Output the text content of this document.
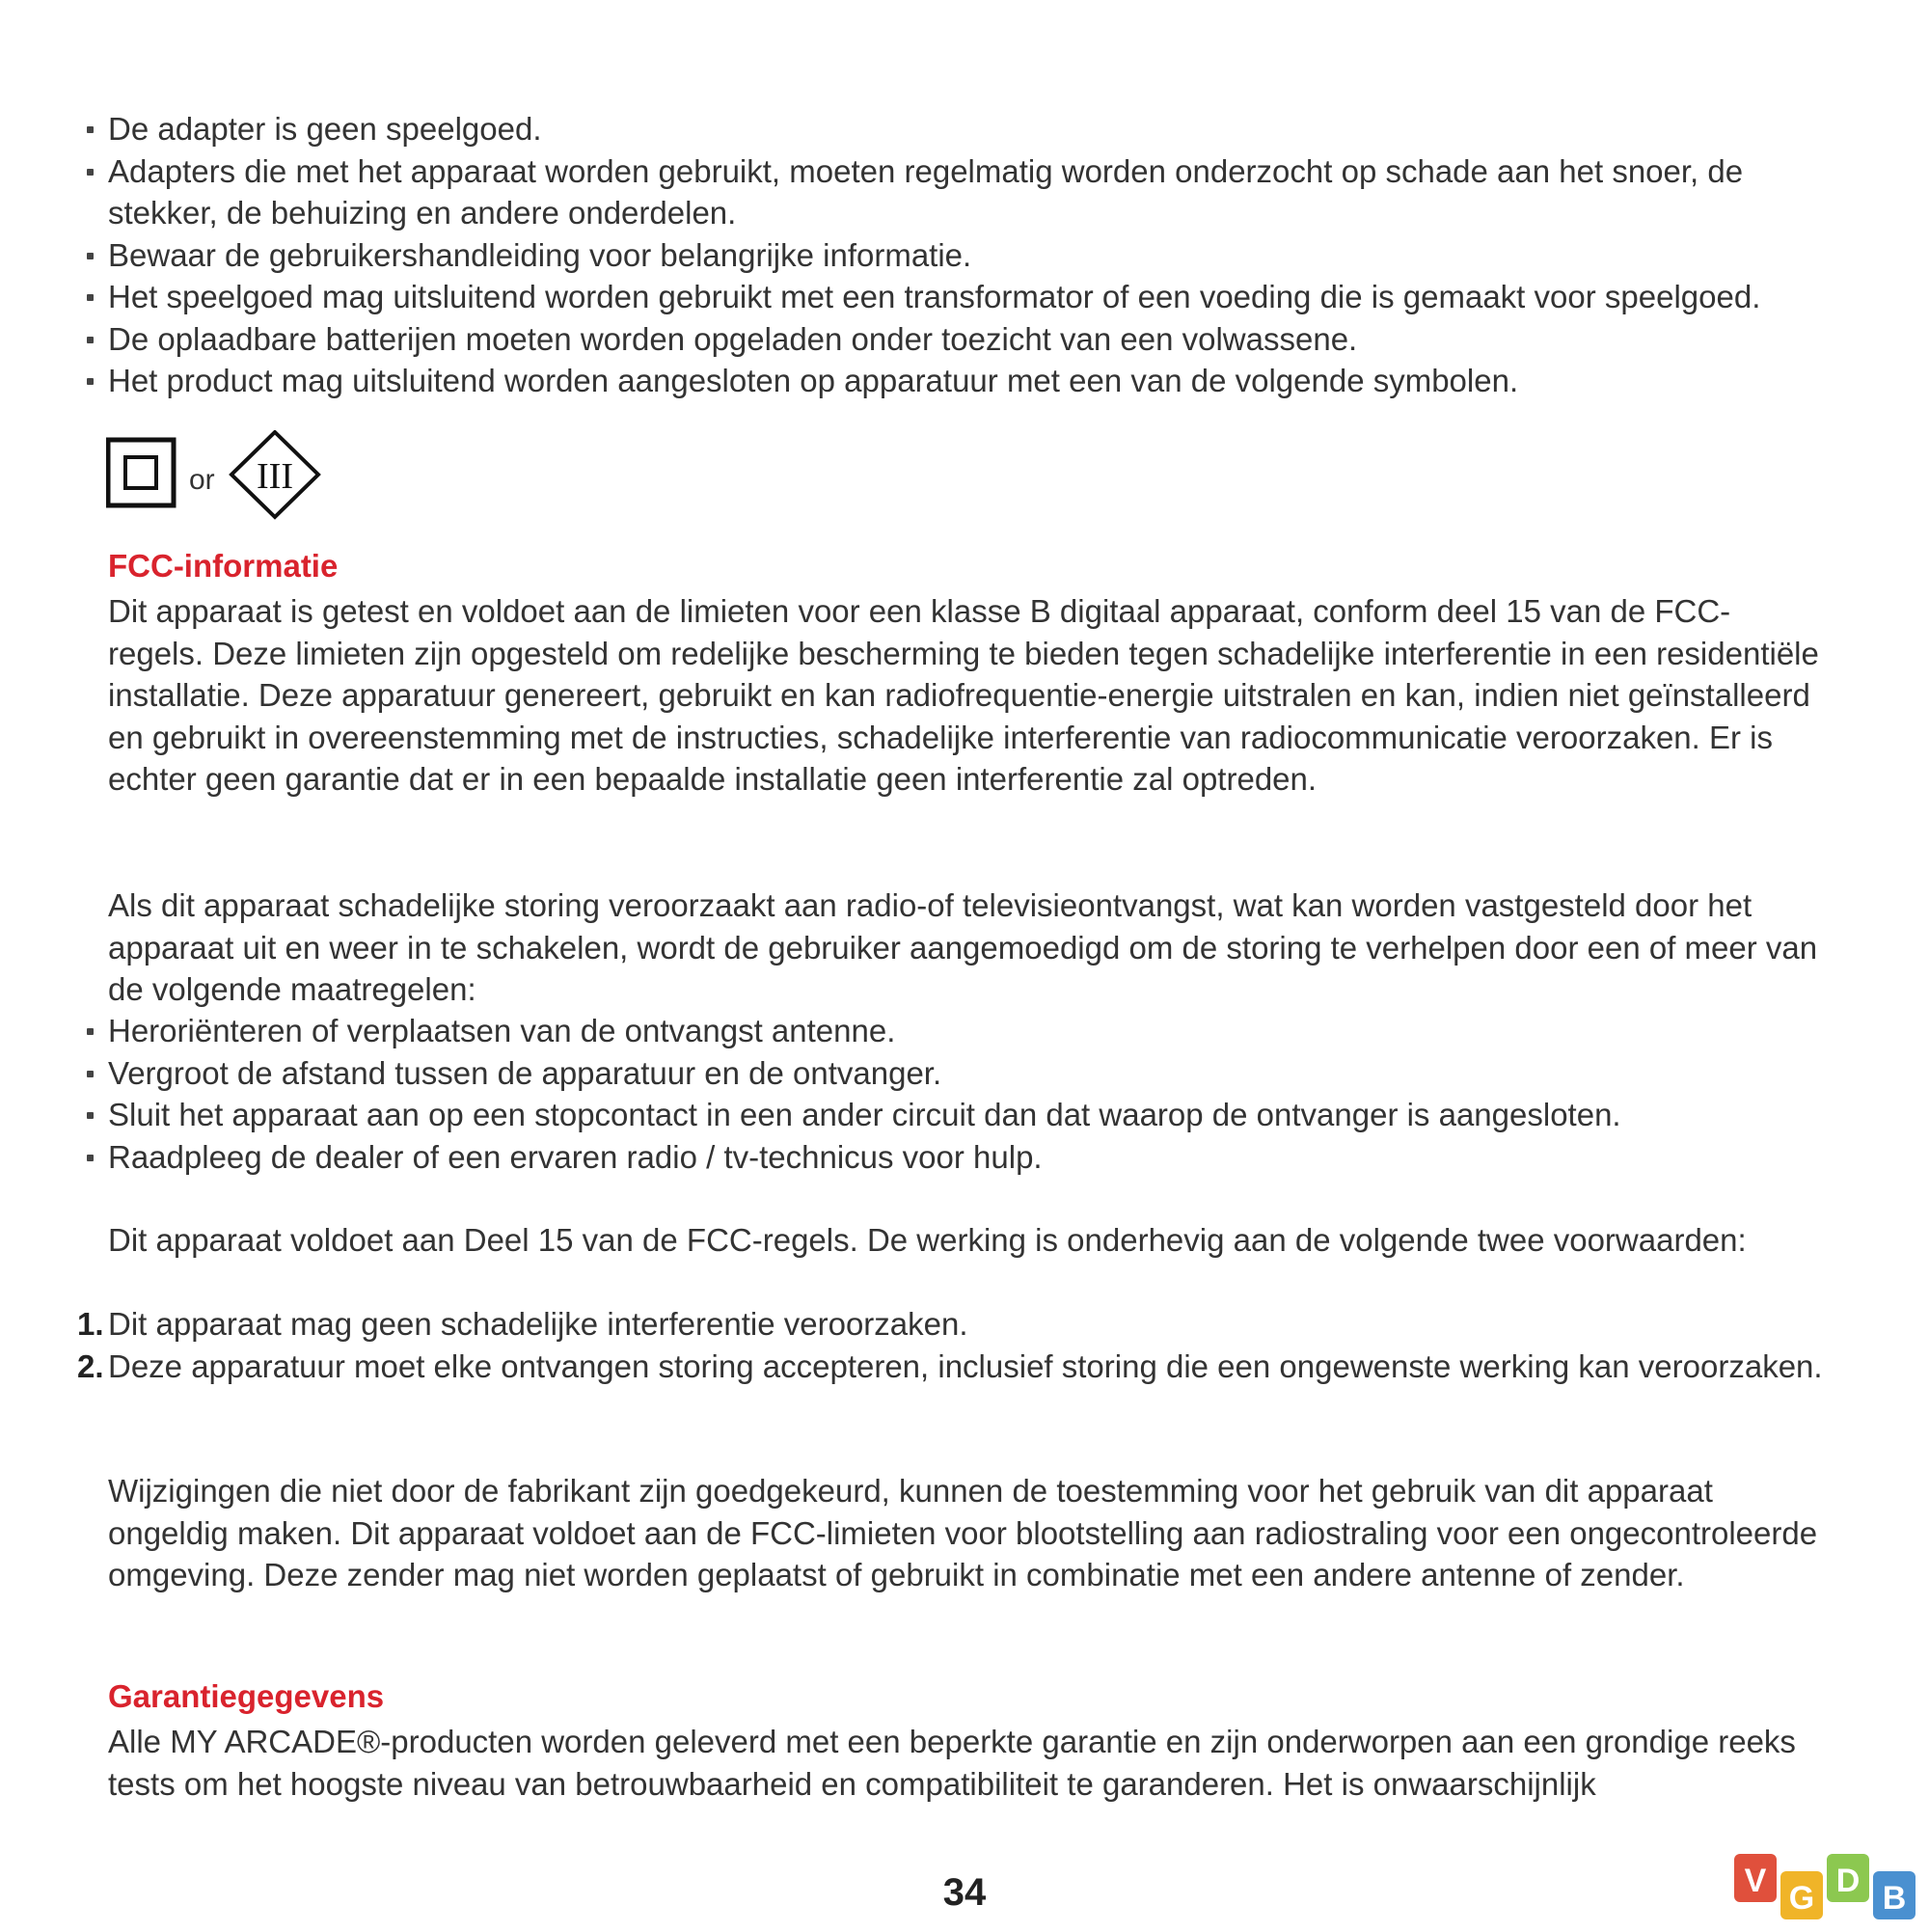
De adapter is geen speelgoed.
Adapters die met het apparaat worden gebruikt, moeten regelmatig worden onderzocht op schade aan het snoer, de stekker, de behuizing en andere onderdelen.
Bewaar de gebruikershandleiding voor belangrijke informatie.
Het speelgoed mag uitsluitend worden gebruikt met een transformator of een voeding die is gemaakt voor speelgoed.
De oplaadbare batterijen moeten worden opgeladen onder toezicht van een volwassene.
Het product mag uitsluitend worden aangesloten op apparatuur met een van de volgende symbolen.
or III
FCC-informatie

Dit apparaat is getest en voldoet aan de limieten voor een klasse B digitaal apparaat, conform deel 15 van de FCC-regels. Deze limieten zijn opgesteld om redelijke bescherming te bieden tegen schadelijke interferentie in een residentiële installatie. Deze apparatuur genereert, gebruikt en kan radiofrequentie-energie uitstralen en kan, indien niet geïnstalleerd en gebruikt in overeenstemming met de instructies, schadelijke interferentie van radiocommunicatie veroorzaken. Er is echter geen garantie dat er in een bepaalde installatie geen interferentie zal optreden.

Als dit apparaat schadelijke storing veroorzaakt aan radio-of televisieontvangst, wat kan worden vastgesteld door het apparaat uit en weer in te schakelen, wordt de gebruiker aangemoedigd om de storing te verhelpen door een of meer van de volgende maatregelen:

Heroriënteren of verplaatsen van de ontvangst antenne.
Vergroot de afstand tussen de apparatuur en de ontvanger.
Sluit het apparaat aan op een stopcontact in een ander circuit dan dat waarop de ontvanger is aangesloten.
Raadpleeg de dealer of een ervaren radio / tv-technicus voor hulp.

Dit apparaat voldoet aan Deel 15 van de FCC-regels. De werking is onderhevig aan de volgende twee voorwaarden:

1. Dit apparaat mag geen schadelijke interferentie veroorzaken.
2. Deze apparatuur moet elke ontvangen storing accepteren, inclusief storing die een ongewenste werking kan veroorzaken.

Wijzigingen die niet door de fabrikant zijn goedgekeurd, kunnen de toestemming voor het gebruik van dit apparaat ongeldig maken. Dit apparaat voldoet aan de FCC-limieten voor blootstelling aan radiostraling voor een ongecontroleerde omgeving. Deze zender mag niet worden geplaatst of gebruikt in combinatie met een andere antenne of zender.

Garantiegegevens

Alle MY ARCADE®-producten worden geleverd met een beperkte garantie en zijn onderworpen aan een grondige reeks tests om het hoogste niveau van betrouwbaarheid en compatibiliteit te garanderen. Het is onwaarschijnlijk

34	V G D B
